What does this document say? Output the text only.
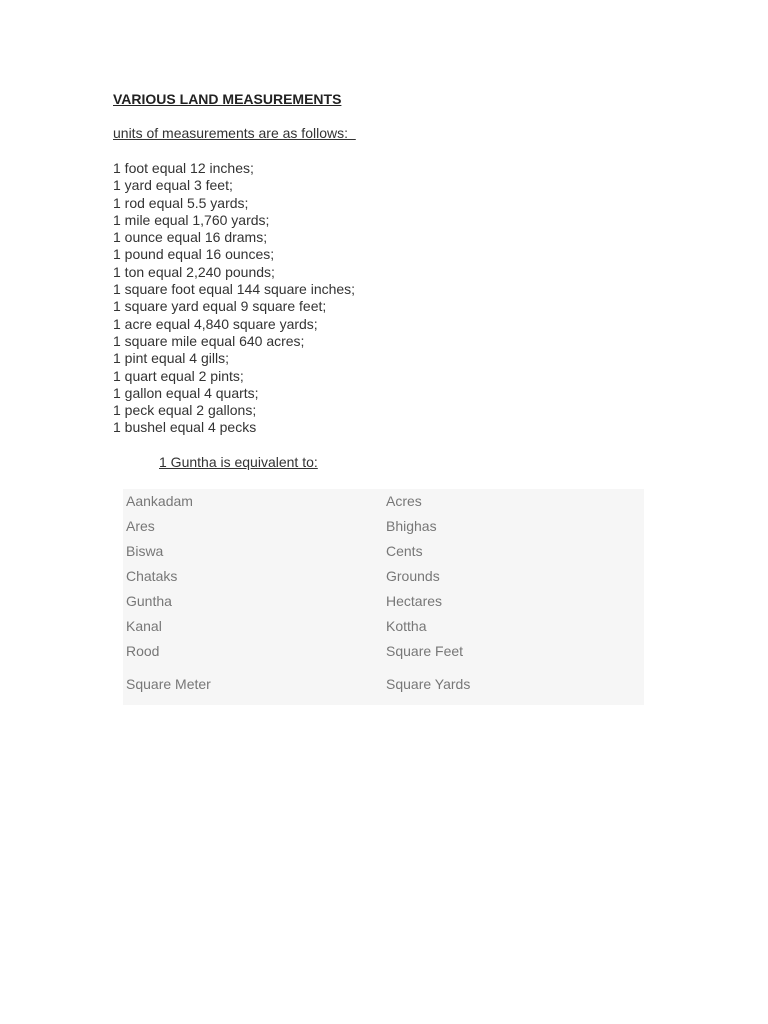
VARIOUS LAND MEASUREMENTS
units of measurements are as follows:
1 foot equal 12 inches;
1 yard equal 3 feet;
1 rod equal 5.5 yards;
1 mile equal 1,760 yards;
1 ounce equal 16 drams;
1 pound equal 16 ounces;
1 ton equal 2,240 pounds;
1 square foot equal 144 square inches;
1 square yard equal 9 square feet;
1 acre equal 4,840 square yards;
1 square mile equal 640 acres;
1 pint equal 4 gills;
1 quart equal 2 pints;
1 gallon equal 4 quarts;
1 peck equal 2 gallons;
1 bushel equal 4 pecks
1 Guntha is equivalent to:
Aankadam	Acres
Ares	Bhighas
Biswa	Cents
Chataks	Grounds
Guntha	Hectares
Kanal	Kottha
Rood	Square Feet
Square Meter	Square Yards
